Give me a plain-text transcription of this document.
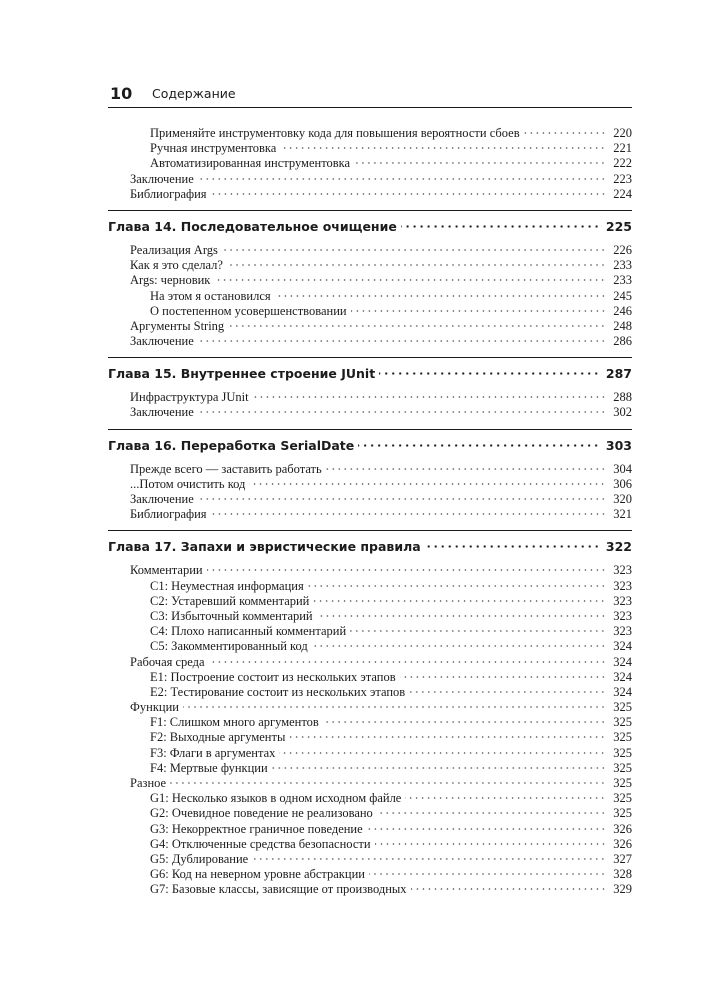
10 Содержание
Применяйте инструментовку кода для повышения вероятности сбоев	220
Ручная инструментовка	221
Автоматизированная инструментовка	222
Заключение	223
Библиография	224
Глава 14. Последовательное очищение	225
Реализация Args	226
Как я это сделал?	233
Args: черновик	233
На этом я остановился	245
О постепенном усовершенствовании	246
Аргументы String	248
Заключение	286
Глава 15. Внутреннее строение JUnit	287
Инфраструктура JUnit	288
Заключение	302
Глава 16. Переработка SerialDate	303
Прежде всего — заставить работать	304
...Потом очистить код	306
Заключение	320
Библиография	321
Глава 17. Запахи и эвристические правила	322
Комментарии	323
C1: Неуместная информация	323
C2: Устаревший комментарий	323
C3: Избыточный комментарий	323
C4: Плохо написанный комментарий	323
C5: Закомментированный код	324
Рабочая среда	324
E1: Построение состоит из нескольких этапов	324
E2: Тестирование состоит из нескольких этапов	324
Функции	325
F1: Слишком много аргументов	325
F2: Выходные аргументы	325
F3: Флаги в аргументах	325
F4: Мертвые функции	325
Разное	325
G1: Несколько языков в одном исходном файле	325
G2: Очевидное поведение не реализовано	325
G3: Некорректное граничное поведение	326
G4: Отключенные средства безопасности	326
G5: Дублирование	327
G6: Код на неверном уровне абстракции	328
G7: Базовые классы, зависящие от производных	329
